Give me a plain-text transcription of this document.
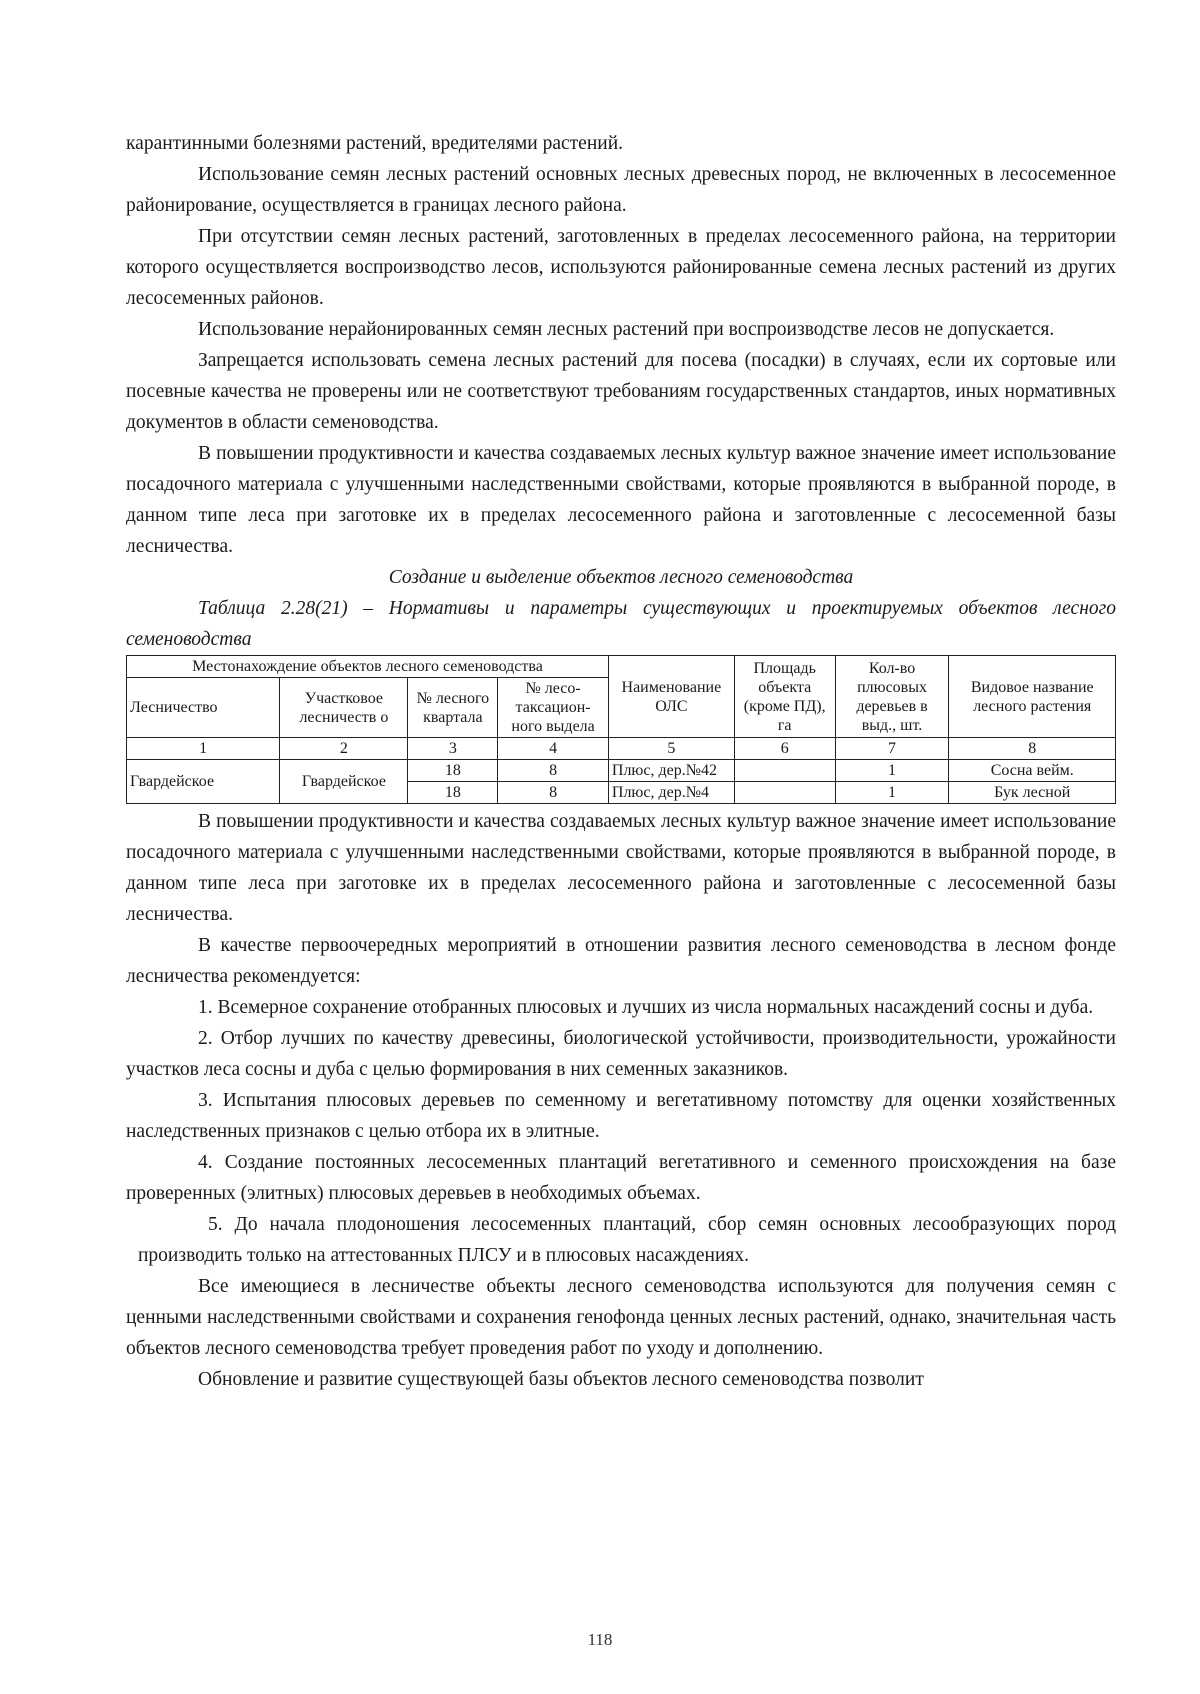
карантинными болезнями растений, вредителями растений.

Использование семян лесных растений основных лесных древесных пород, не включенных в лесосеменное районирование, осуществляется в границах лесного района.

При отсутствии семян лесных растений, заготовленных в пределах лесосеменного района, на территории которого осуществляется воспроизводство лесов, используются районированные семена лесных растений из других лесосеменных районов.

Использование нерайонированных семян лесных растений при воспроизводстве лесов не допускается.

Запрещается использовать семена лесных растений для посева (посадки) в случаях, если их сортовые или посевные качества не проверены или не соответствуют требованиям государственных стандартов, иных нормативных документов в области семеноводства.

В повышении продуктивности и качества создаваемых лесных культур важное значение имеет использование посадочного материала с улучшенными наследственными свойствами, которые проявляются в выбранной породе, в данном типе леса при заготовке их в пределах лесосеменного района и заготовленные с лесосеменной базы лесничества.

Создание и выделение объектов лесного семеноводства

Таблица 2.28(21) – Нормативы и параметры существующих и проектируемых объектов лесного семеноводства

Местонахождение объектов лесного семеноводства				Наименование ОЛС	Площадь объекта (кроме ПД), га	Кол-во плюсовых деревьев в выд., шт.	Видовое название лесного растения
Лесничество	Участковое лесничеств о	№ лесного квартала	№ лесо-таксацион-ного выдела				
1	2	3	4	5	6	7	8
Гвардейское	Гвардейское	18	8	Плюс, дер.№42		1	Сосна вейм.
		18	8	Плюс, дер.№4		1	Бук лесной

В повышении продуктивности и качества создаваемых лесных культур важное значение имеет использование посадочного материала с улучшенными наследственными свойствами, которые проявляются в выбранной породе, в данном типе леса при заготовке их в пределах лесосеменного района и заготовленные с лесосеменной базы лесничества.

В качестве первоочередных мероприятий в отношении развития лесного семеноводства в лесном фонде лесничества рекомендуется:

1. Всемерное сохранение отобранных плюсовых и лучших из числа нормальных насаждений сосны и дуба.

2. Отбор лучших по качеству древесины, биологической устойчивости, производительности, урожайности участков леса сосны и дуба с целью формирования в них семенных заказников.

3. Испытания плюсовых деревьев по семенному и вегетативному потомству для оценки хозяйственных наследственных признаков с целью отбора их в элитные.

4. Создание постоянных лесосеменных плантаций вегетативного и семенного происхождения на базе проверенных (элитных) плюсовых деревьев в необходимых объемах.

5. До начала плодоношения лесосеменных плантаций, сбор семян основных лесообразующих пород производить только на аттестованных ПЛСУ и в плюсовых насаждениях.

Все имеющиеся в лесничестве объекты лесного семеноводства используются для получения семян с ценными наследственными свойствами и сохранения генофонда ценных лесных растений, однако, значительная часть объектов лесного семеноводства требует проведения работ по уходу и дополнению.

Обновление и развитие существующей базы объектов лесного семеноводства позволит

118
